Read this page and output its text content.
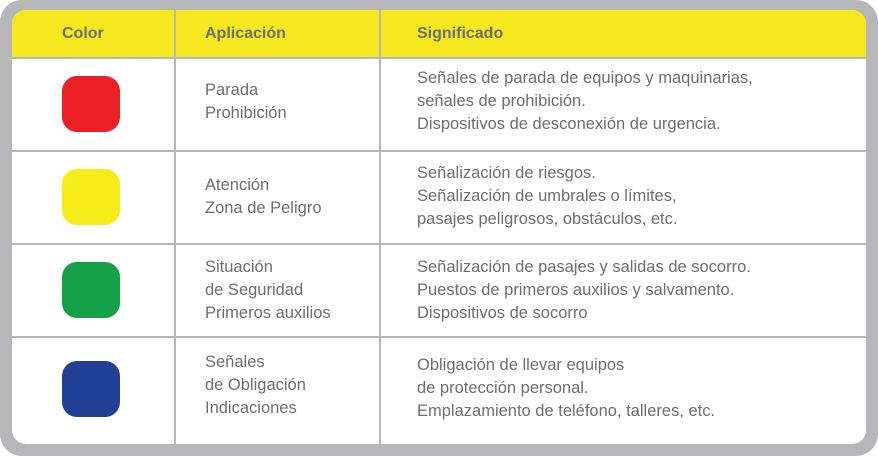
Color	Aplicación	Significado
Parada
Prohibición
Señales de parada de equipos y maquinarias,
señales de prohibición.
Dispositivos de desconexión de urgencia.
Atención
Zona de Peligro
Señalización de riesgos.
Señalización de umbrales o límites,
pasajes peligrosos, obstáculos, etc.
Situación
de Seguridad
Primeros auxilios
Señalización de pasajes y salidas de socorro.
Puestos de primeros auxilios y salvamento.
Dispositivos de socorro
Señales
de Obligación
Indicaciones
Obligación de llevar equipos
de protección personal.
Emplazamiento de teléfono, talleres, etc.
